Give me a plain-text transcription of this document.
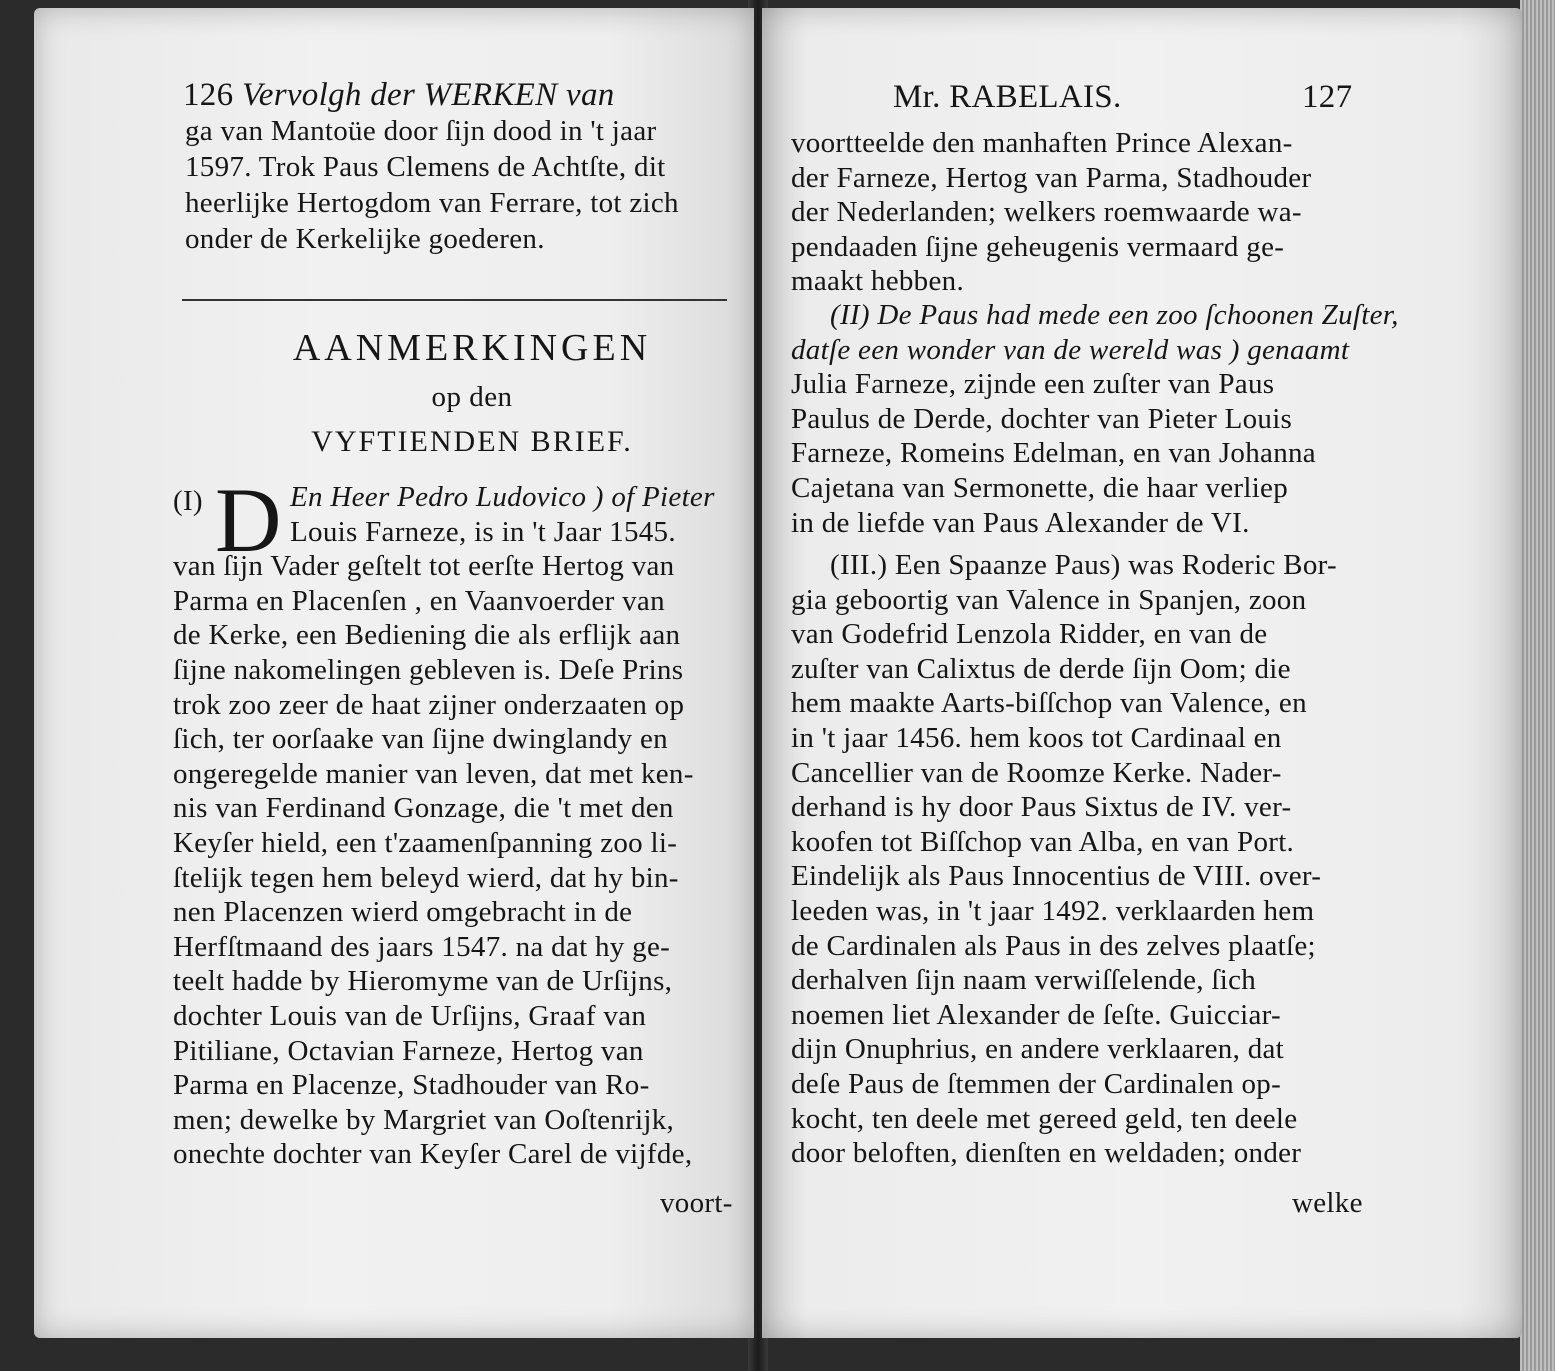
126 Vervolgh der WERKEN van
ga van Mantoüe door ſijn dood in 't jaar
1597. Trok Paus Clemens de Achtſte, dit
heerlijke Hertogdom van Ferrare, tot zich
onder de Kerkelijke goederen.
AANMERKINGEN
op den
VYFTIENDEN BRIEF.
(I) D En Heer Pedro Ludovico ) of Pieter
Louis Farneze, is in 't Jaar 1545.
van ſijn Vader geſtelt tot eerſte Hertog van
Parma en Placenſen , en Vaanvoerder van
de Kerke, een Bediening die als erflijk aan
ſijne nakomelingen gebleven is. Deſe Prins
trok zoo zeer de haat zijner onderzaaten op
ſich, ter oorſaake van ſijne dwinglandy en
ongeregelde manier van leven, dat met ken-
nis van Ferdinand Gonzage, die 't met den
Keyſer hield, een t'zaamenſpanning zoo li-
ſtelijk tegen hem beleyd wierd, dat hy bin-
nen Placenzen wierd omgebracht in de
Herfſtmaand des jaars 1547. na dat hy ge-
teelt hadde by Hieromyme van de Urſijns,
dochter Louis van de Urſijns, Graaf van
Pitiliane, Octavian Farneze, Hertog van
Parma en Placenze, Stadhouder van Ro-
men; dewelke by Margriet van Ooſtenrijk,
onechte dochter van Keyſer Carel de vijfde,
voort-
Mr. RABELAIS.	127
voortteelde den manhaften Prince Alexan-
der Farneze, Hertog van Parma, Stadhouder
der Nederlanden; welkers roemwaarde wa-
pendaaden ſijne geheugenis vermaard ge-
maakt hebben.
(II) De Paus had mede een zoo ſchoonen Zuſter,
datſe een wonder van de wereld was ) genaamt
Julia Farneze, zijnde een zuſter van Paus
Paulus de Derde, dochter van Pieter Louis
Farneze, Romeins Edelman, en van Johanna
Cajetana van Sermonette, die haar verliep
in de liefde van Paus Alexander de VI.
(III.) Een Spaanze Paus) was Roderic Bor-
gia geboortig van Valence in Spanjen, zoon
van Godefrid Lenzola Ridder, en van de
zuſter van Calixtus de derde ſijn Oom; die
hem maakte Aarts-biſſchop van Valence, en
in 't jaar 1456. hem koos tot Cardinaal en
Cancellier van de Roomze Kerke. Nader-
derhand is hy door Paus Sixtus de IV. ver-
koofen tot Biſſchop van Alba, en van Port.
Eindelijk als Paus Innocentius de VIII. over-
leeden was, in 't jaar 1492. verklaarden hem
de Cardinalen als Paus in des zelves plaatſe;
derhalven ſijn naam verwiſſelende, ſich
noemen liet Alexander de ſeſte. Guicciar-
dijn Onuphrius, en andere verklaaren, dat
deſe Paus de ſtemmen der Cardinalen op-
kocht, ten deele met gereed geld, ten deele
door beloften, dienſten en weldaden; onder
welke
